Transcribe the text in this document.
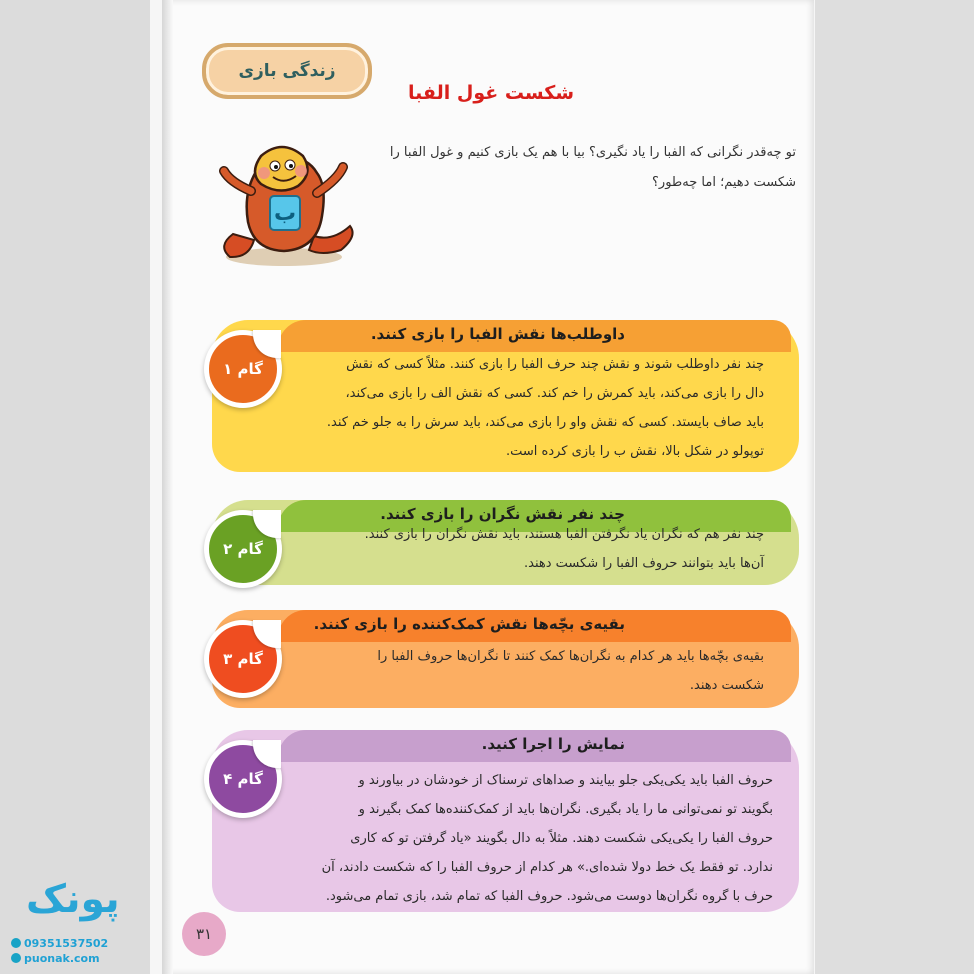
زندگی بازی
شکست غول الفبا

تو چه‌قدر نگرانی که الفبا را یاد نگیری؟ بیا با هم یک بازی کنیم و غول الفبا را

شکست دهیم؛ اما چه‌طور؟

ب
گام ۱
داوطلب‌ها نقش الفبا را بازی کنند.

چند نفر داوطلب شوند و نقش چند حرف الفبا را بازی کنند. مثلاً کسی که نقش

دال را بازی می‌کند، باید کمرش را خم کند. کسی که نقش الف را بازی می‌کند،

باید صاف بایستد. کسی که نقش واو را بازی می‌کند، باید سرش را به جلو خم کند.

توپولو در شکل بالا، نقش ب را بازی کرده است.

گام ۲
چند نفر نقش نگران را بازی کنند.

چند نفر هم که نگران یاد نگرفتن الفبا هستند، باید نقش نگران را بازی کنند.

آن‌ها باید بتوانند حروف الفبا را شکست دهند.

گام ۳
بقیه‌ی بچّه‌ها نقش کمک‌کننده را بازی کنند.

بقیه‌ی بچّه‌ها باید هر کدام به نگران‌ها کمک کنند تا نگران‌ها حروف الفبا را

شکست دهند.

گام ۴
نمایش را اجرا کنید.

حروف الفبا باید یکی‌یکی جلو بیایند و صداهای ترسناک از خودشان در بیاورند و

بگویند تو نمی‌توانی ما را یاد بگیری. نگران‌ها باید از کمک‌کننده‌ها کمک بگیرند و

حروف الفبا را یکی‌یکی شکست دهند. مثلاً به دال بگویند «یاد گرفتن تو که کاری

ندارد. تو فقط یک خط دولا شده‌ای.» هر کدام از حروف الفبا را که شکست دادند، آن

حرف با گروه نگران‌ها دوست می‌شود. حروف الفبا که تمام شد، بازی تمام می‌شود.

۳۱
پونک
09351537502
puonak.com
